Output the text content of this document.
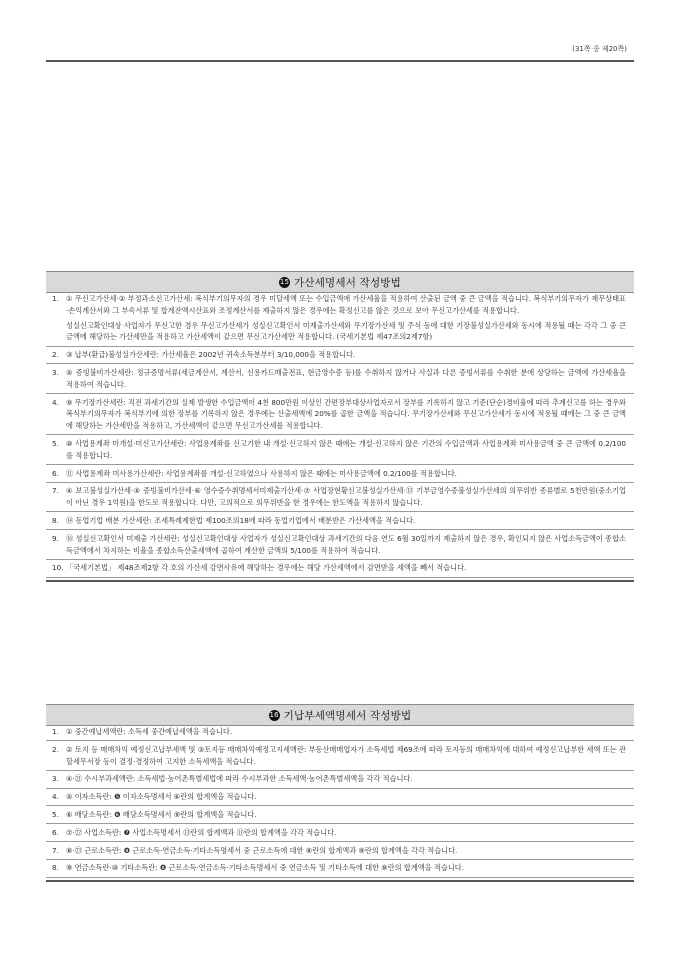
(31쪽 중 제20쪽)
15 가산세명세서 작성방법
1. ① 무신고가산세·② 부정과소신고가산세: 복식부기의무자의 경우 미달세액 또는 수입금액에 가산세율을 적용하여 산출된 금액 중 큰 금액을 적습니다. 복식부기의무자가 재무상태표·손익계산서와 그 부속서류 및 합계잔액시산표와 조정계산서를 제출하지 않은 경우에는 확정신고를 않은 것으로 보아 무신고가산세를 적용합니다.

성실신고확인대상 사업자가 무신고한 경우 무신고가산세가 성실신고확인서 미제출가산세와 무기장가산세 및 주식 등에 대한 기장불성실가산세와 동시에 적용될 때는 각각 그 중 큰 금액에 해당하는 가산세만을 적용하고 가산세액이 같으면 무신고가산세만 적용합니다. (국세기본법 제47조의2제7항)

2. ③ 납부(환급)불성실가산세란: 가산세율은 2002년 귀속소득분부터 3/10,000을 적용합니다.

3. ⑤ 증빙불비가산세란: 정규증명서류(세금계산서, 계산서, 신용카드매출전표, 현금영수증 등)를 수취하지 않거나 사실과 다른 증빙서류를 수취한 분에 상당하는 금액에 가산세율을 적용하여 적습니다.

4. ⑨ 무기장가산세란: 직전 과세기간의 실제 발생한 수입금액이 4천 800만원 이상인 간편장부대상사업자로서 장부를 기록하지 않고 기준(단순)경비율에 따라 추계신고를 하는 경우와 복식부기의무자가 복식부기에 의한 장부를 기록하지 않은 경우에는 산출세액에 20%를 곱한 금액을 적습니다. 무기장가산세와 무신고가산세가 동시에 적용될 때에는 그 중 큰 금액에 해당하는 가산세만을 적용하고, 가산세액이 같으면 무신고가산세를 적용합니다.

5. ⑩ 사업용계좌 미개설·미신고가산세란: 사업용계좌를 신고기한 내 개설·신고하지 않은 때에는 개설·신고하지 않은 기간의 수입금액과 사업용계좌 미사용금액 중 큰 금액에 0.2/100를 적용합니다.

6. ⑪ 사업용계좌 미사용가산세란: 사업용계좌를 개설·신고하였으나 사용하지 않은 때에는 미사용금액에 0.2/100를 적용합니다.

7. ④ 보고불성실가산세·⑤ 증빙불비가산세·⑥ 영수증수취명세서미제출가산세·⑦ 사업장현황신고불성실가산세·⑬ 기부금영수증불성실가산세의 의무위반 종류별로 5천만원(중소기업이 아닌 경우 1억원)을 한도로 적용합니다. 다만, 고의적으로 의무위반을 한 경우에는 한도액을 적용하지 않습니다.

8. ⑭ 동업기업 배분 가산세란: 조세특례제한법 제100조의18에 따라 동업기업에서 배분받은 가산세액을 적습니다.

9. ⑯ 성실신고확인서 미제출 가산세란: 성실신고확인대상 사업자가 성실신고확인대상 과세기간의 다음 연도 6월 30일까지 제출하지 않은 경우, 확인되지 않은 사업소득금액이 종합소득금액에서 차지하는 비율을 종합소득산출세액에 곱하여 계산한 금액의 5/100를 적용하여 적습니다.

10. 「국세기본법」 제48조제2항 각 호의 가산세 감면사유에 해당하는 경우에는 해당 가산세액에서 감면받을 세액을 빼서 적습니다.

16 기납부세액명세서 작성방법
1. ① 중간예납세액란: 소득세 중간예납세액을 적습니다.

2. ② 토지 등 매매차익 예정신고납부세액 및 ③토지등 매매차익예정고지세액란: 부동산매매업자가 소득세법 제69조에 따라 토지등의 매매차익에 대하여 예정신고납부한 세액 또는 관할세무서장 등이 결정·경정하여 고지한 소득세액을 적습니다.

3. ④·㉑ 수시부과세액란: 소득세법·농어촌특별세법에 따라 수시부과한 소득세액·농어촌특별세액을 각각 적습니다.

4. ⑤ 이자소득란: ❺ 이자소득명세서 ⑥란의 합계액을 적습니다.

5. ⑥ 배당소득란: ❻ 배당소득명세서 ⑨란의 합계액을 적습니다.

6. ⑦·㉒ 사업소득란: ❼ 사업소득명세서 ⑬란의 합계액과 ⑪란의 합계액을 각각 적습니다.

7. ⑧·㉓ 근로소득란: ❽ 근로소득·연금소득·기타소득명세서 중 근로소득에 대한 ⑧란의 합계액과 ⑨란의 합계액을 각각 적습니다.

8. ⑨ 연금소득란·⑩ 기타소득란: ❽ 근로소득·연금소득·기타소득명세서 중 연금소득 및 기타소득에 대한 ⑧란의 합계액을 적습니다.
